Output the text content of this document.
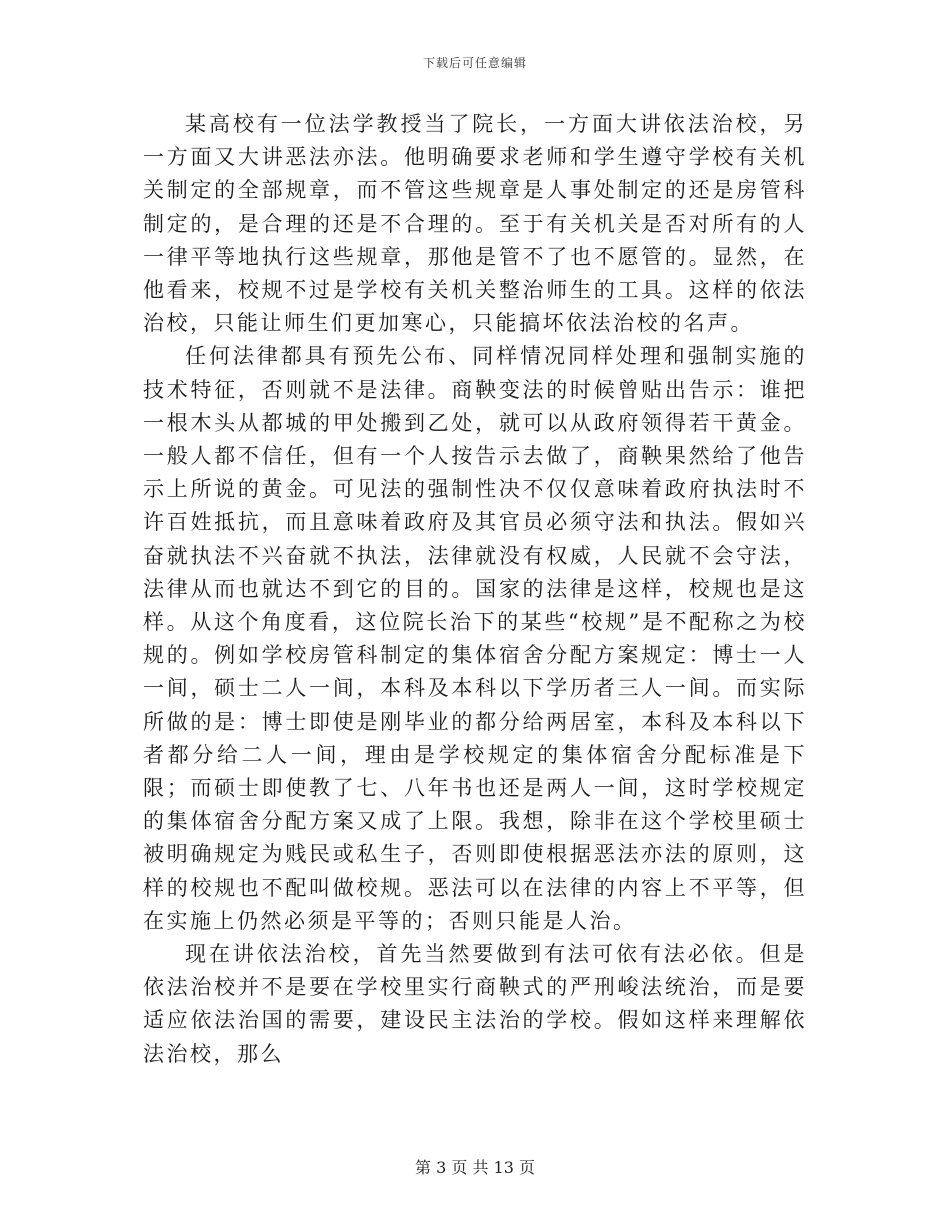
下载后可任意编辑

某高校有一位法学教授当了院长，一方面大讲依法治校，另一方面又大讲恶法亦法。他明确要求老师和学生遵守学校有关机关制定的全部规章，而不管这些规章是人事处制定的还是房管科制定的，是合理的还是不合理的。至于有关机关是否对所有的人一律平等地执行这些规章，那他是管不了也不愿管的。显然，在他看来，校规不过是学校有关机关整治师生的工具。这样的依法治校，只能让师生们更加寒心，只能搞坏依法治校的名声。

任何法律都具有预先公布、同样情况同样处理和强制实施的技术特征，否则就不是法律。商鞅变法的时候曾贴出告示：谁把一根木头从都城的甲处搬到乙处，就可以从政府领得若干黄金。一般人都不信任，但有一个人按告示去做了，商鞅果然给了他告示上所说的黄金。可见法的强制性决不仅仅意味着政府执法时不许百姓抵抗，而且意味着政府及其官员必须守法和执法。假如兴奋就执法不兴奋就不执法，法律就没有权威，人民就不会守法，法律从而也就达不到它的目的。国家的法律是这样，校规也是这样。从这个角度看，这位院长治下的某些“校规”是不配称之为校规的。例如学校房管科制定的集体宿舍分配方案规定：博士一人一间，硕士二人一间，本科及本科以下学历者三人一间。而实际所做的是：博士即使是刚毕业的都分给两居室，本科及本科以下者都分给二人一间，理由是学校规定的集体宿舍分配标准是下限；而硕士即使教了七、八年书也还是两人一间，这时学校规定的集体宿舍分配方案又成了上限。我想，除非在这个学校里硕士被明确规定为贱民或私生子，否则即使根据恶法亦法的原则，这样的校规也不配叫做校规。恶法可以在法律的内容上不平等，但在实施上仍然必须是平等的；否则只能是人治。

现在讲依法治校，首先当然要做到有法可依有法必依。但是依法治校并不是要在学校里实行商鞅式的严刑峻法统治，而是要适应依法治国的需要，建设民主法治的学校。假如这样来理解依法治校，那么

第 3 页 共 13 页
